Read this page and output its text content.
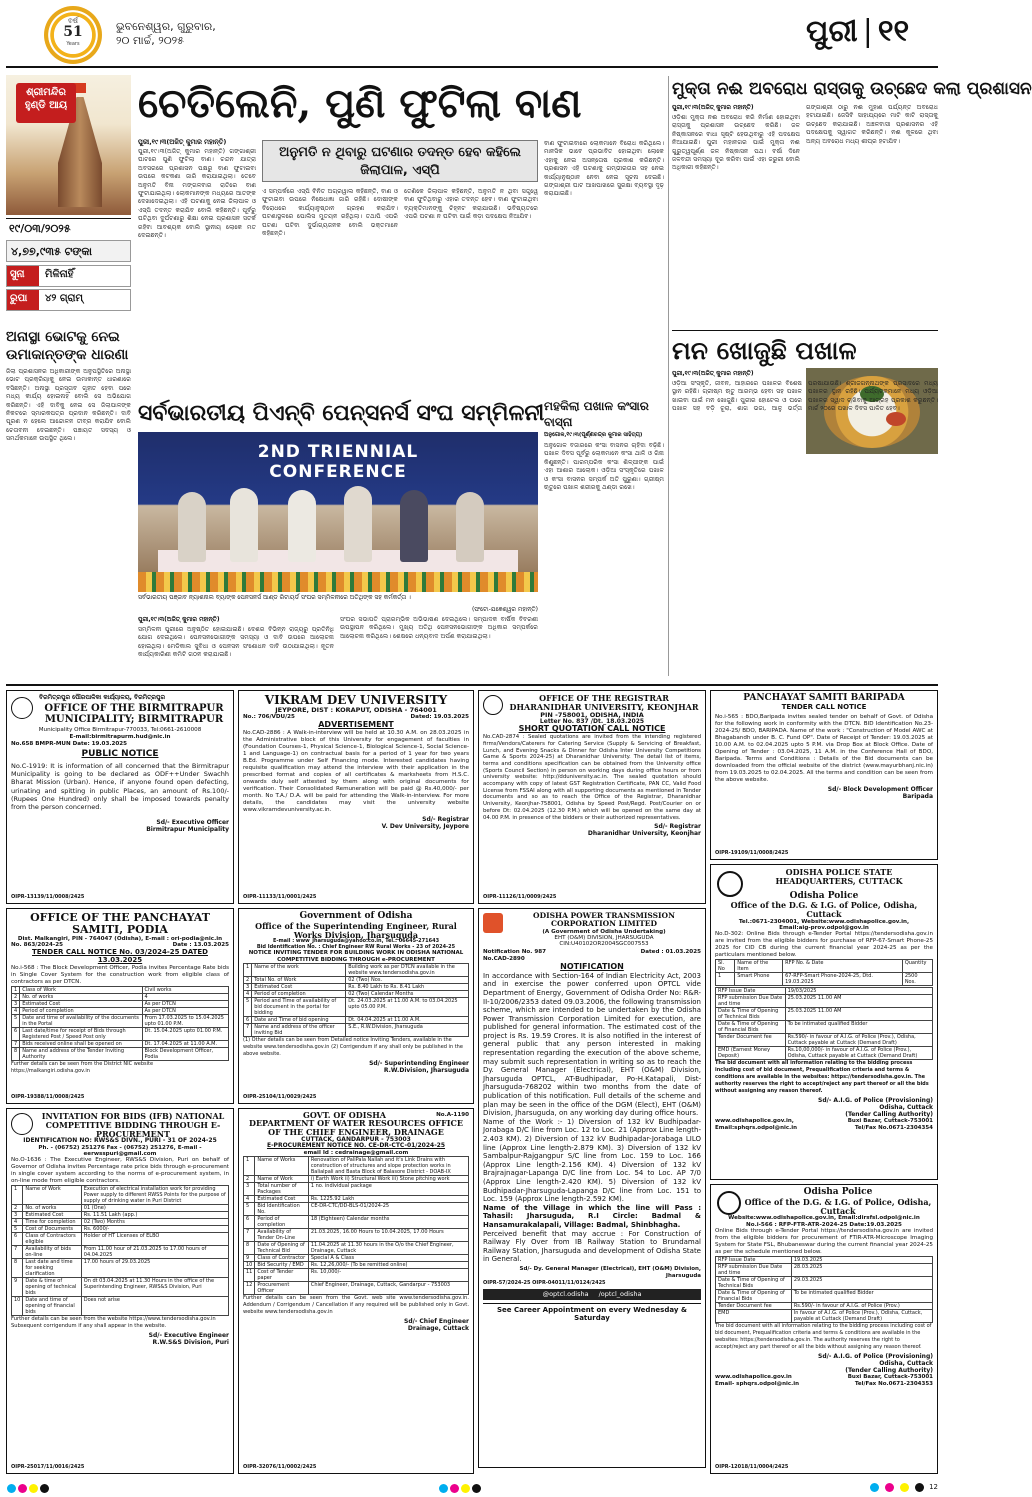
ଵର୍ଷ
51
Years
ଭୁବନେଶ୍ୱର, ଗୁରୁବାର,
୨୦ ମାର୍ଚ୍ଚ, ୨୦୨୫	ପୁରୀ | ୧୧
ଶ୍ରୀମନ୍ଦିର ହୁଣ୍ଡି ଆୟ
୧୯/୦୩/୨୦୨୫
୪,୭୭,୯୩୫ ଟଙ୍କା
ସୁନା	ମିଳିନାହିଁ
ରୁପା	୪୨ ଗ୍ରାମ୍
ଚେତିଲେନି, ପୁଣି ଫୁଟିଲା ବାଣ
ପୁରୀ,୧୯।୩(ଅଜିତ୍ କୁମାର ମହାନ୍ତି)
ପୁରୀ,୧୯।୩(ଅଜିତ୍ କୁମାର ମହାନ୍ତି) ଗଙ୍ଗାଶ୍ରୀ ଘାଟରେ ପୁଣି ଫୁଟିଲା ବାଣ। ଚନ୍ଦନ ଯାତ୍ରା ଅବସରରେ ପ୍ରଶାସନ ପକ୍ଷରୁ ବାଣ ଫୁଟାଇବା ଉପରେ କଟକଣା ଜାରି କରାଯାଇଥିଲା। ତେବେ ଅନୁମତି ବିନା ମଙ୍ଗଳବାର ରାତିରେ ବାଣ ଫୁଟାଯାଇଥିଲା। ଲୋକମାନଙ୍କ ମଧ୍ୟରେ ଆତଙ୍କ ଦେଖାଦେଇଥିଲା। ଏହି ଘଟଣାକୁ ନେଇ ଜିଲାପାଳ ଓ ଏସ୍‌ପି ତଦନ୍ତ କରାଯିବ ବୋଲି କହିଛନ୍ତି। ପୂର୍ବରୁ ଘଟିଥିବା ଦୁର୍ଘଟଣାରୁ ଶିକ୍ଷା ନେଇ ପ୍ରଶାସନ ସତର୍କ ରହିବା ଆବଶ୍ୟକ ବୋଲି ସ୍ଥାନୀୟ ଲୋକେ ମତ ଦେଇଛନ୍ତି।
ଅନୁମତି ନ ଥିବାରୁ ଘଟଣାର ତଦନ୍ତ ହେବ କହିଲେ ଜିଲାପାଳ, ଏସ୍‌ପି
ଏ ସମ୍ପର୍କରେ ଏସ୍‌ପି ବିନିତ ଅଗ୍ରୱାଲ କହିଛନ୍ତି, ବାଣ ଓ ଫୁଟାଇବା ଉପରେ ନିଷେଧାଜ୍ଞା ଜାରି ରହିଛି। ଦୋଷୀଙ୍କ ବିରୋଧରେ କାର୍ଯ୍ୟାନୁଷ୍ଠାନ ଗ୍ରହଣ କରାଯିବ। ଘଟଣାସ୍ଥଳରେ ପୋଲିସ ମୁତୟନ ରହିଥିଲା। ତଥାପି ଏପରି ଘଟଣା ଘଟିବା ଦୁର୍ଭାଗ୍ୟଜନକ ବୋଲି ଭକ୍ତମାନେ କହିଛନ୍ତି।
ତେଣିକେ ଜିଲାପାଳ କହିଛନ୍ତି, ଅନୁମତି ନ ଥିବା ସତ୍ତ୍ୱେ ବାଣ ଫୁଟିଥିବାରୁ ଏହାର ତଦନ୍ତ ହେବ। ବାଣ ଫୁଟାଇଥିବା ବ୍ୟକ୍ତିମାନଙ୍କୁ ଚିହ୍ନଟ କରାଯାଉଛି। ଭବିଷ୍ୟତରେ ଏପରି ଘଟଣା ନ ଘଟିବା ପାଇଁ କଡ଼ା ପଦକ୍ଷେପ ନିଆଯିବ।
ବାଣ ଫୁଟାଇବାରେ ଲୋକମାନେ ବିରୋଧ କରିଥିଲେ। ମାନସିକ ଭାବେ ପ୍ରଭାବିତ ହୋଇଥିବା ଲୋକେ ଏହାକୁ ନେଇ ଅସନ୍ତୋଷ ପ୍ରକାଶ କରିଛନ୍ତି। ପ୍ରଶାସନ ଏହି ଘଟଣାକୁ ଗମ୍ଭୀରତାର ସହ ନେଇ କାର୍ଯ୍ୟାନୁଷ୍ଠାନ ନେବା ନେଇ ସୂଚନା ଦେଇଛି। ଗଙ୍ଗାଶ୍ରୀ ଘାଟ ଆଖପାଖରେ ସୁରକ୍ଷା ବ୍ୟବସ୍ଥା ଦୃଢ଼ କରାଯାଇଛି।
ମୁକ୍ତା ନଈ ଅବରୋଧ ରାସ୍ତାକୁ ଉଚ୍ଛେଦ କଲା ପ୍ରଶାସନ
ପୁରୀ,୧୯।୩(ଅଜିତ୍ କୁମାର ମହାନ୍ତି)
ଓଡ଼ିଶା ମୁକ୍ତା ନଈ ଅବରୋଧ କରି ନିର୍ମାଣ ହୋଇଥିବା ରାସ୍ତାକୁ ପ୍ରଶାସନ ଉଚ୍ଛେଦ କରିଛି। ଜଳ ନିଷ୍କାସନରେ ବାଧା ସୃଷ୍ଟି ହେଉଥିବାରୁ ଏହି ପଦକ୍ଷେପ ନିଆଯାଇଛି। ପୁରୀ ମହାନଗର ପାଇଁ ମୁକ୍ତା ନଈ ଗୁରୁତ୍ୱପୂର୍ଣ୍ଣ ଜଳ ନିଷ୍କାସନ ପଥ। ବର୍ଷା ଦିନେ ଜଳବନ୍ଦୀ ସମସ୍ୟା ଦୂର କରିବା ପାଇଁ ଏହା ଜରୁରୀ ବୋଲି ଅଧିକାରୀ କହିଛନ୍ତି।
ଗଙ୍ଗାଶ୍ରୀ ଠାରୁ ନଈ ମୁହାଣ ପର୍ଯ୍ୟନ୍ତ ଅବରୋଧ ହଟାଯାଇଛି। ଜେସିବି ସାହାଯ୍ୟରେ ମାଟି କାଟି ରାସ୍ତାକୁ ଉଚ୍ଛେଦ କରାଯାଇଛି। ଅଞ୍ଚଳବାସୀ ପ୍ରଶାସନର ଏହି ପଦକ୍ଷେପକୁ ସ୍ୱାଗତ କରିଛନ୍ତି। ନଈ କୂଳରେ ଥିବା ଅନ୍ୟ ଅବରୋଧ ମଧ୍ୟ ଶୀଘ୍ର ହଟାଯିବ।
ମନ ଖୋଜୁଛି ପଖାଳ
ପୁରୀ,୧୯।୩(ଅଜିତ୍ କୁମାର ମହାନ୍ତି)
ଓଡ଼ିଆ ସଂସ୍କୃତି, ଜୀବନ, ଆହାରରେ ପଖାଳର ବିଶେଷ ସ୍ଥାନ ରହିଛି। ଗ୍ରୀଷ୍ମ ଋତୁ ଆରମ୍ଭ ହେବା ସହ ପଖାଳ ଖାଇବା ପାଇଁ ମନ ଖୋଜୁଛି। ପୁରୀର ହୋଟେଲ ଓ ଘରେ ପଖାଳ ସହ ବଡ଼ି ଚୂରା, ଶାଗ ଭଜା, ଆଳୁ ଭର୍ତ୍ତା ପରଷାଯାଉଛି। ଶ୍ରୀଜଗନ୍ନାଥଙ୍କ ପ୍ରସାଦରେ ମଧ୍ୟ ପଖାଳର ସ୍ଥାନ ରହିଛି। ପର୍ଯ୍ୟଟକମାନେ ମଧ୍ୟ ଓଡ଼ିଆ ପଖାଳର ସ୍ୱାଦ ଚାଖିବାକୁ ଆଗ୍ରହ ପ୍ରକାଶ କରୁଛନ୍ତି। ମାର୍ଚ୍ଚ ୨୦ରେ ପଖାଳ ଦିବସ ପାଳିତ ହେବ।
ଅନାସ୍ଥା ଭୋଟକୁ ନେଇ ଉମାକାନ୍ତଙ୍କ ଧାରଣା
ଜିଲା ପ୍ରଶାସନର ଅଧିକାରୀଙ୍କ ଅନୁପସ୍ଥିତିରେ ଅନାସ୍ଥା ଭୋଟ ପ୍ରକ୍ରିୟାକୁ ନେଇ ଉମାକାନ୍ତ ଧାରଣାରେ ବସିଛନ୍ତି। ଅନାସ୍ଥା ପ୍ରସ୍ତାବ ଗୃହୀତ ହେବା ପରେ ମଧ୍ୟ କାର୍ଯ୍ୟ ହୋଇନାହିଁ ବୋଲି ସେ ଅଭିଯୋଗ କରିଛନ୍ତି। ଏହି ଦାବିକୁ ନେଇ ସେ ଜିଲାପାଳଙ୍କ ନିକଟରେ ସ୍ମାରକପତ୍ର ପ୍ରଦାନ କରିଛନ୍ତି। ଦାବି ପୂରଣ ନ ହେଲେ ଆନ୍ଦୋଳନ ତୀବ୍ର କରାଯିବ ବୋଲି ଚେତାବନୀ ଦେଇଛନ୍ତି। ପଞ୍ଚାୟତ ସଦସ୍ୟ ଓ ସମର୍ଥକମାନେ ଉପସ୍ଥିତ ଥିଲେ।
ସର୍ବଭାରତୀୟ ପିଏନ୍‌ବି ପେନ୍‌ସନର୍ସ ସଂଘ ସମ୍ମିଳନୀ
2ND TRIENNIAL CONFERENCE
ସର୍ବଭାରତୀୟ ପଞ୍ଜାବ ନ୍ୟାଶନାଲ ବ୍ୟାଙ୍କ ପେନସନର୍ସ ଆଣ୍ଡ ରିଟାୟର୍ଡ ସଂଘର ସମ୍ମିଳନୀରେ ଅତିଥିଙ୍କ ସହ କର୍ମକର୍ତ୍ତା ।
(ଫଟୋ-ଯଜ୍ଞେଶ୍ୱର ମହାନ୍ତି)
ପୁରୀ,୧୯।୩(ଅଜିତ୍ କୁମାର ମହାନ୍ତି)
ସମ୍ମିଳନୀ ପୁରୀରେ ଅନୁଷ୍ଠିତ ହୋଇଯାଇଛି। ଦେଶର ବିଭିନ୍ନ ରାଜ୍ୟରୁ ପ୍ରତିନିଧି ଯୋଗ ଦେଇଥିଲେ। ପେନସନଭୋଗୀଙ୍କ ସମସ୍ୟା ଓ ଦାବି ଉପରେ ଆଲୋଚନା ହୋଇଥିଲା। ମେଡିକାଲ ସୁବିଧା ଓ ପେନସନ ସଂଶୋଧନ ଦାବି ଉଠାଯାଇଥିଲା। ନୂତନ କାର୍ଯ୍ୟକାରିଣୀ କମିଟି ଗଠନ କରାଯାଇଛି।
ସଂଘର ସଭାପତି ପ୍ରାରମ୍ଭିକ ଅଭିଭାଷଣ ଦେଇଥିଲେ। ସମ୍ପାଦକ ବାର୍ଷିକ ବିବରଣୀ ଉପସ୍ଥାପନ କରିଥିଲେ। ମୁଖ୍ୟ ଅତିଥି ପେନସନଭୋଗୀଙ୍କ ଅଧିକାର ସମ୍ପର୍କରେ ଆଲୋଚନା କରିଥିଲେ। ଶେଷରେ ଧନ୍ୟବାଦ ଅର୍ପଣ କରାଯାଇଥିଲା।
ମହକିଲା ପଖାଳ କଂସାର ବାସ୍ନା
ଅନୁଗୋଳ,୧୯।୩(ପୂର୍ଣ୍ଣଚନ୍ଦ୍ର କୁମାର ସାହିତ୍ୟ)
ଅନୁଗୋଳ ବଜାରରେ କଂସା ବାସନର ଚାହିଦା ବଢ଼ିଛି। ପଖାଳ ଦିବସ ପୂର୍ବରୁ ଲୋକମାନେ କଂସା ଥାଳି ଓ ଗିନା କିଣୁଛନ୍ତି। ପାରମ୍ପରିକ କଂସା ଶିଳ୍ପୀଙ୍କ ପାଇଁ ଏହା ଆଶାର ଆଲୋକ। ଓଡ଼ିଆ ସଂସ୍କୃତିରେ ପଖାଳ ଓ କଂସା ବାସନର ସମ୍ପର୍କ ଅତି ପୁରୁଣା। ଗ୍ରୀଷ୍ମ ଋତୁରେ ପଖାଳ ଶରୀରକୁ ଥଣ୍ଡା ରଖେ।
ବିରମିତ୍ରପୁର ପୌରପାଳିକା କାର୍ଯ୍ୟାଳୟ, ବିରମିତ୍ରପୁର
OFFICE OF THE BIRMITRAPUR MUNICIPALITY; BIRMITRAPUR
Municipality Office Birmitrapur-770033, Tel:0661-2610008
E-mail:birmitrapurm.hud@nic.in
No.658 BMPR-MUN Date: 19.03.2025
PUBLIC NOTICE
No.C-1919: It is information of all concerned that the Birmitrapur Municipality is going to be declared as ODF++Under Swachh Bharat Mission (Urban). Hence, if anyone found open defecting, urinating and spitting in public Places, an amount of Rs.100/- (Rupees One Hundred) only shall be imposed towards penalty from the person concerned.
Sd/- Executive Officer
Birmitrapur Municipality
OIPR-13139/11/0008/2425
VIKRAM DEV UNIVERSITY
JEYPORE, DIST : KORAPUT, ODISHA - 764001
No.: 706/VDU/25	Dated: 19.03.2025
ADVERTISEMENT
No.CAD-2886 : A Walk-in-interview will be held at 10.30 A.M. on 28.03.2025 in the Administrative block of this University for engagement of faculties in (Foundation Courses-1, Physical Science-1, Biological Science-1, Social Science-1 and Language-1) on contractual basis for a period of 1 year for two years B.Ed. Programme under Self Financing mode. Interested candidates having requisite qualification may attend the interview with their application in the prescribed format and copies of all certificates & marksheets from H.S.C. onwards duly self attested by them along with original documents for verification. Their Consolidated Remuneration will be paid @ Rs.40,000/- per month. No T.A./ D.A. will be paid for attending the Walk-in-interview. For more details, the candidates may visit the university website www.vikramdevuniversity.ac.in.
Sd/- Registrar
V. Dev University, Jeypore
OIPR-11133/11/0001/2425
OFFICE OF THE REGISTRAR DHARANIDHAR UNIVERSITY, KEONJHAR
PIN -758001, ODISHA, INDIA
Letter No. 837 /Dt._18.03.2025
SHORT QUOTATION CALL NOTICE
No.CAD-2874 : Sealed quotations are invited from the intending registered firms/Vendors/Caterers for Catering Service (Supply & Servicing of Breakfast, Lunch, and Evening Snacks & Dinner for Odisha Inter University Competitions Game & Sports 2024-25) at Dharanidhar University. The detail list of items, terms and conditions specification can be obtained from the University office (Sports Council Section) in person on working days during office hours or from university website: http://dduniversity.ac.in. The sealed quotation should accompany with copy of latest GST Registration Certificate, PAN CC, Valid Food License from FSSAI along with all supporting documents as mentioned in Tender documents and so as to reach the Office of the Registrar, Dharanidhar University, Keonjhar-758001, Odisha by Speed Post/Regd. Post/Courier on or before Dt: 02.04.2025 (12.30 P.M.) which will be opened on the same day at 04.00 P.M. in presence of the bidders or their authorized representatives.
Sd/- Registrar
Dharanidhar University, Keonjhar
OIPR-11126/11/0009/2425
PANCHAYAT SAMITI BARIPADA
TENDER CALL NOTICE
No.i-565 : BDO,Baripada invites sealed tender on behalf of Govt. of Odisha for the following work in conformity with the DTCN. BID Identification No.23-2024-25/ BDO, BARIPADA. Name of the work : "Construction of Model AWC at Bhagabandh under B. C. Fund OP". Date of Receipt of Tender: 19.03.2025 at 10.00 A.M. to 02.04.2025 upto 5 P.M. via Drop Box at Block Office. Date of Opening of Tender : 03.04.2025, 11 A.M. in the Conference Hall of BDO, Baripada. Terms and Conditions : Details of the Bid documents can be downloaded from the official website of the district (www.mayurbhanj.nic.in) from 19.03.2025 to 02.04.2025. All the terms and condition can be seen from the above website.
Sd/- Block Development Officer
Baripada
OIPR-19109/11/0008/2425
OFFICE OF THE PANCHAYAT SAMITI, PODIA
Dist. Malkangiri, PIN - 764047 (Odisha), E-mail : ori-podia@nic.in
No. 863/2024-25	Date : 13.03.2025
TENDER CALL NOTICE No. 03/2024-25 DATED 13.03.2025
No.i-568 : The Block Development Officer, Podia invites Percentage Rate bids in Single Cover System for the construction work from eligible class of contractors as per DTCN.
1	Class of Work	Civil works
2	No. of works	4
3	Estimated Cost	As per DTCN
4	Period of completion	As per DTCN
5	Date and time of availability of the documents in the Portal	From 17.03.2025 to 15.04.2025 upto 01.00 P.M.
6	Last date/time for receipt of Bids through Registered Post / Speed Post only	Dt. 15.04.2025 upto 01.00 P.M.
7	Bids received online shall be opened on	Dt. 17.04.2025 at 11.00 A.M.
8	Name and address of the Tender Inviting Authority	Block Development Officer, Podia
Further details can be seen from the District NIC website https://malkangiri.odisha.gov.in
OIPR-19388/11/0008/2425
Government of Odisha
Office of the Superintending Engineer, Rural Works Division, Jharsuguda
E-mail : www_jharsuguda@yahoo.co.in, Tel.: 06645-271643
Bid Identification No. : Chief Engineer RW Rural Works - 23 of 2024-25
NOTICE INVITING TENDER FOR BUILDING WORK IN ODISHA NATIONAL COMPETITIVE BIDDING THROUGH e-PROCUREMENT
1	Name of the work	Building work as per DTCN available in the website www.tendersodisha.gov.in
2	Total No. of Work	02 (Two) Nos.
3	Estimated Cost	Rs. 8.40 Lakh to Rs. 8.41 Lakh
4	Period of completion	02 (Two) Calendar Months
5	Period and Time of availability of bid document in the portal for bidding	Dt. 24.03.2025 at 11.00 A.M. to 03.04.2025 upto 05.00 P.M.
6	Date and Time of bid opening	Dt. 04.04.2025 at 11.00 A.M.
7	Name and address of the officer inviting Bid	S.E., R.W.Division, Jharsuguda
(1) Other details can be seen from Detailed notice Inviting Tenders, available in the website www.tendersodisha.gov.in (2) Corrigendum if any shall only be published in the above website.
Sd/- Superintending Engineer
R.W.Division, Jharsuguda
OIPR-25104/11/0029/2425
ODISHA POWER TRANSMISSION CORPORATION LIMITED
(A Government of Odisha Undertaking)
EHT (O&M) DIVISION, JHARSUGUDA
CIN:U40102OR2004SGC007553
Notification No. 987	Dated : 01.03.2025
No.CAD-2890
NOTIFICATION
In accordance with Section-164 of Indian Electricity Act, 2003 and in exercise the power conferred upon OPTCL vide Department of Energy, Government of Odisha Order No: R&R-II-10/2006/2353 dated 09.03.2006, the following transmission scheme, which are intended to be undertaken by the Odisha Power Transmission Corporation Limited for execution, are published for general information. The estimated cost of the project is Rs. 19.59 Crores. It is also notified in the interest of general public that any person interested in making representation regarding the execution of the above scheme, may submit such representation in writing so as to reach the Dy. General Manager (Electrical), EHT (O&M) Division, Jharsuguda OPTCL, AT-Budhipadar, Po-H.Katapali, Dist-Jharsuguda-768202 within two months from the date of publication of this notification. Full details of the scheme and plan may be seen in the office of the DGM (Elect), EHT (O&M) Division, Jharsuguda, on any working day during office hours.
Name of the Work :- 1) Diversion of 132 kV Budhipadar-Jorabaga D/C line from Loc. 12 to Loc. 21 (Approx Line length-2.403 KM). 2) Diversion of 132 kV Budhipadar-Jorabaga LILO line (Approx Line length-2.879 KM). 3) Diversion of 132 kV Sambalpur-Rajgangpur S/C line from Loc. 159 to Loc. 166 (Approx Line length-2.156 KM). 4) Diversion of 132 kV Brajrajnagar-Lapanga D/C line from Loc. 54 to Loc. AP 7/0 (Approx Line length-2.420 KM). 5) Diversion of 132 kV Budhipadar-Jharsuguda-Lapanga D/C line from Loc. 151 to Loc. 159 (Approx Line length-2.592 KM).
Name of the Village in which the line will Pass : Tahasil: Jharsuguda, R.I Circle: Badmal & Hansamurakalapali, Village: Badmal, Shinbhagha.
Perceived benefit that may accrue : For Construction of Railway Fly Over from IB Railway Station to Brundamal Railway Station, Jharsuguda and development of Odisha State in General.
Sd/- Dy. General Manager (Electrical), EHT (O&M) Division, Jharsuguda
OIPR-57/2024-25 OIPR-04011/11/0124/2425
@optcl.odisha /optcl_odisha
See Career Appointment on every Wednesday & Saturday
ODISHA POLICE STATE HEADQUARTERS, CUTTACK
Odisha Police
Office of the D.G. & I.G. of Police, Odisha, Cuttack
Tel.:0671-2304001, Website:www.odishapolice.gov.in,
Email:aig-prov.odpol@gov.in
No.D-302: Online Bids through e-Tender Portal https://tendersodisha.gov.in are invited from the eligible bidders for purchase of RFP-67-Smart Phone-25 2025 for CID CB during the current financial year 2024-25 as per the particulars mentioned below.
Sl. No	Name of the Item	RFP No. & Date	Quantity
1	Smart Phone	67-RFP-Smart Phone-2024-25, Dtd. 19.03.2025	2500 Nos.
RFP Issue Date	19/03/2025
RFP submission Due Date and time	25.03.2025 11.00 AM
Date & Time of Opening of Technical Bids	25.03.2025 11.00 AM
Date & Time of Opening of Financial Bids	To be intimated qualified Bidder
Tender Document fee	Rs.590/- in favour of A.I.G. of Police (Prov.), Odisha, Cuttack payable at Cuttack (Demand Draft)
EMD (Earnest Money Deposit)	Rs.10,00,000/- in favour of A.I.G. of Police (Prov.), Odisha, Cuttack payable at Cuttack (Demand Draft)
The bid document with all information relating to the bidding process including cost of bid document, Prequalification criteria and terms & conditions are available in the websites: https://tendersodisha.gov.in. The authority reserves the right to accept/reject any part thereof or all the bids without assigning any reason thereof.
Sd/- A.I.G. of Police (Provisioning)
Odisha, Cuttack
(Tender Calling Authority)
www.odishapolice.gov.in,
Email:sphqrs.odpol@nic.in
Buxi Bazar, Cuttack-753001
Tel/Fax No.0671-2304354
INVITATION FOR BIDS (IFB) NATIONAL COMPETITIVE BIDDING THROUGH E-PROCUREMENT
IDENTIFICATION NO: RWS&S DIVN., PURI - 31 OF 2024-25
Ph. - (06752) 251276 Fax - (06752) 251276, E-mail - eerwsspuri@gmail.com
No.O-1636 : The Executive Engineer, RWS&S Division, Puri on behalf of Governor of Odisha invites Percentage rate price bids through e-procurement in single cover system according to the norms of e-procurement system, in on-line mode from eligible contractors.
1	Name of Work	Execution of electrical installation work for providing Power supply to different RWSS Points for the purpose of supply of drinking water in Puri District
2	No. of works	01 (One)
3	Estimated Cost	Rs. 11.51 Lakh (app.)
4	Time for completion	02 (Two) Months
5	Cost of Documents	Rs. 6000/-
6	Class of Contractors eligible	Holder of HT Licenses of ELBO
7	Availability of bids on-line	From 11.00 hour of 21.03.2025 to 17.00 hours of 04.04.2025
8	Last date and time for seeking clarification	17.00 hours of 29.03.2025
9	Date & time of opening of technical bids	On dt 03.04.2025 at 11.30 Hours in the office of the Superintending Engineer, RWS&S Division, Puri
10	Date and time of opening of financial bids	Does not arise
Further details can be seen from the website https://www.tendersodisha.gov.in Subsequent corrigendum if any shall appear in the website.
Sd/- Executive Engineer
R.W.S&S Division, Puri
OIPR-25017/11/0016/2425
GOVT. OF ODISHA	No.A-1190
DEPARTMENT OF WATER RESOURCES OFFICE OF THE CHIEF ENGINEER, DRAINAGE
CUTTACK, GANDARPUR - 753003
E-PROCUREMENT NOTICE NO. CE-DR-CTC-01/2024-25
email Id : cedrainage@gmail.com
1	Name of Works	Renovation of PaliPala Nallah and it's Link Drains with construction of structures and slope protection works in Balialpali and Basta Block of Balasore District - DOAB-IX
2	Name of Work	i) Earth Work ii) Structural Work iii) Stone pitching work
3	Total number of Packages	1 no. individual package
4	Estimated Cost	Rs. 1225.92 Lakh
5	Bid Identification No.	CE-DR-CTC/DD-BLS-01/2024-25
6	Period of completion	18 (Eighteen) Calendar months
7	Availability of Tender On-Line	21.03.2025, 16.00 Hours to 10.04.2025, 17.00 Hours
8	Date of Opening of Technical Bid	11.04.2025 at 11.30 hours in the O/o the Chief Engineer, Drainage, Cuttack
9	Class of Contractor	Special A & Class
10	Bid Security / EMD	Rs. 12,26,000/- (To be remitted online)
11	Cost of Tender paper	Rs. 10,000/-
12	Procurement Officer	Chief Engineer, Drainage, Cuttack, Gandarpur - 753003
Further details can be seen from the Govt. web site www.tendersodisha.gov.in. Addendum / Corrigendum / Cancellation if any required will be published only in Govt. website www.tendersodisha.gov.in
Sd/- Chief Engineer
Drainage, Cuttack
OIPR-32076/11/0002/2425
Odisha Police
Office of the D.G. & I.G. of Police, Odisha, Cuttack
Website:www.odishapolice.gov.in, Email:dirsfsl.odpol@nic.in
No.i-566 : RFP-FTR-ATR-2024-25 Date:19.03.2025
Online Bids through e-Tender Portal https://tendersodisha.gov.in are invited from the eligible bidders for procurement of FTIR-ATR-Microscope Imaging System for State FSL, Bhubaneswar during the current financial year 2024-25 as per the schedule mentioned below.
RFP Issue Date	19.03.2025
RFP submission Due Date and time	28.03.2025
Date & Time of Opening of Technical Bids	29.03.2025
Date & Time of Opening of Financial Bids	To be intimated qualified Bidder
Tender Document fee	Rs.590/- in favour of A.I.G. of Police (Prov.)
EMD	In favour of A.I.G. of Police (Prov.), Odisha, Cuttack, payable at Cuttack (Demand Draft)
The bid document with all information relating to the bidding process including cost of bid document, Prequalification criteria and terms & conditions are available in the websites: https://tendersodisha.gov.in. The authority reserves the right to accept/reject any part thereof or all the bids without assigning any reason thereof.
Sd/- A.I.G. of Police (Provisioning)
Odisha, Cuttack
(Tender Calling Authority)
www.odishapolice.gov.in
Email- sphqrs.odpol@nic.in
Buxi Bazar, Cuttack-753001
Tel/Fax No.0671-2304353
OIPR-12018/11/0004/2425
12
